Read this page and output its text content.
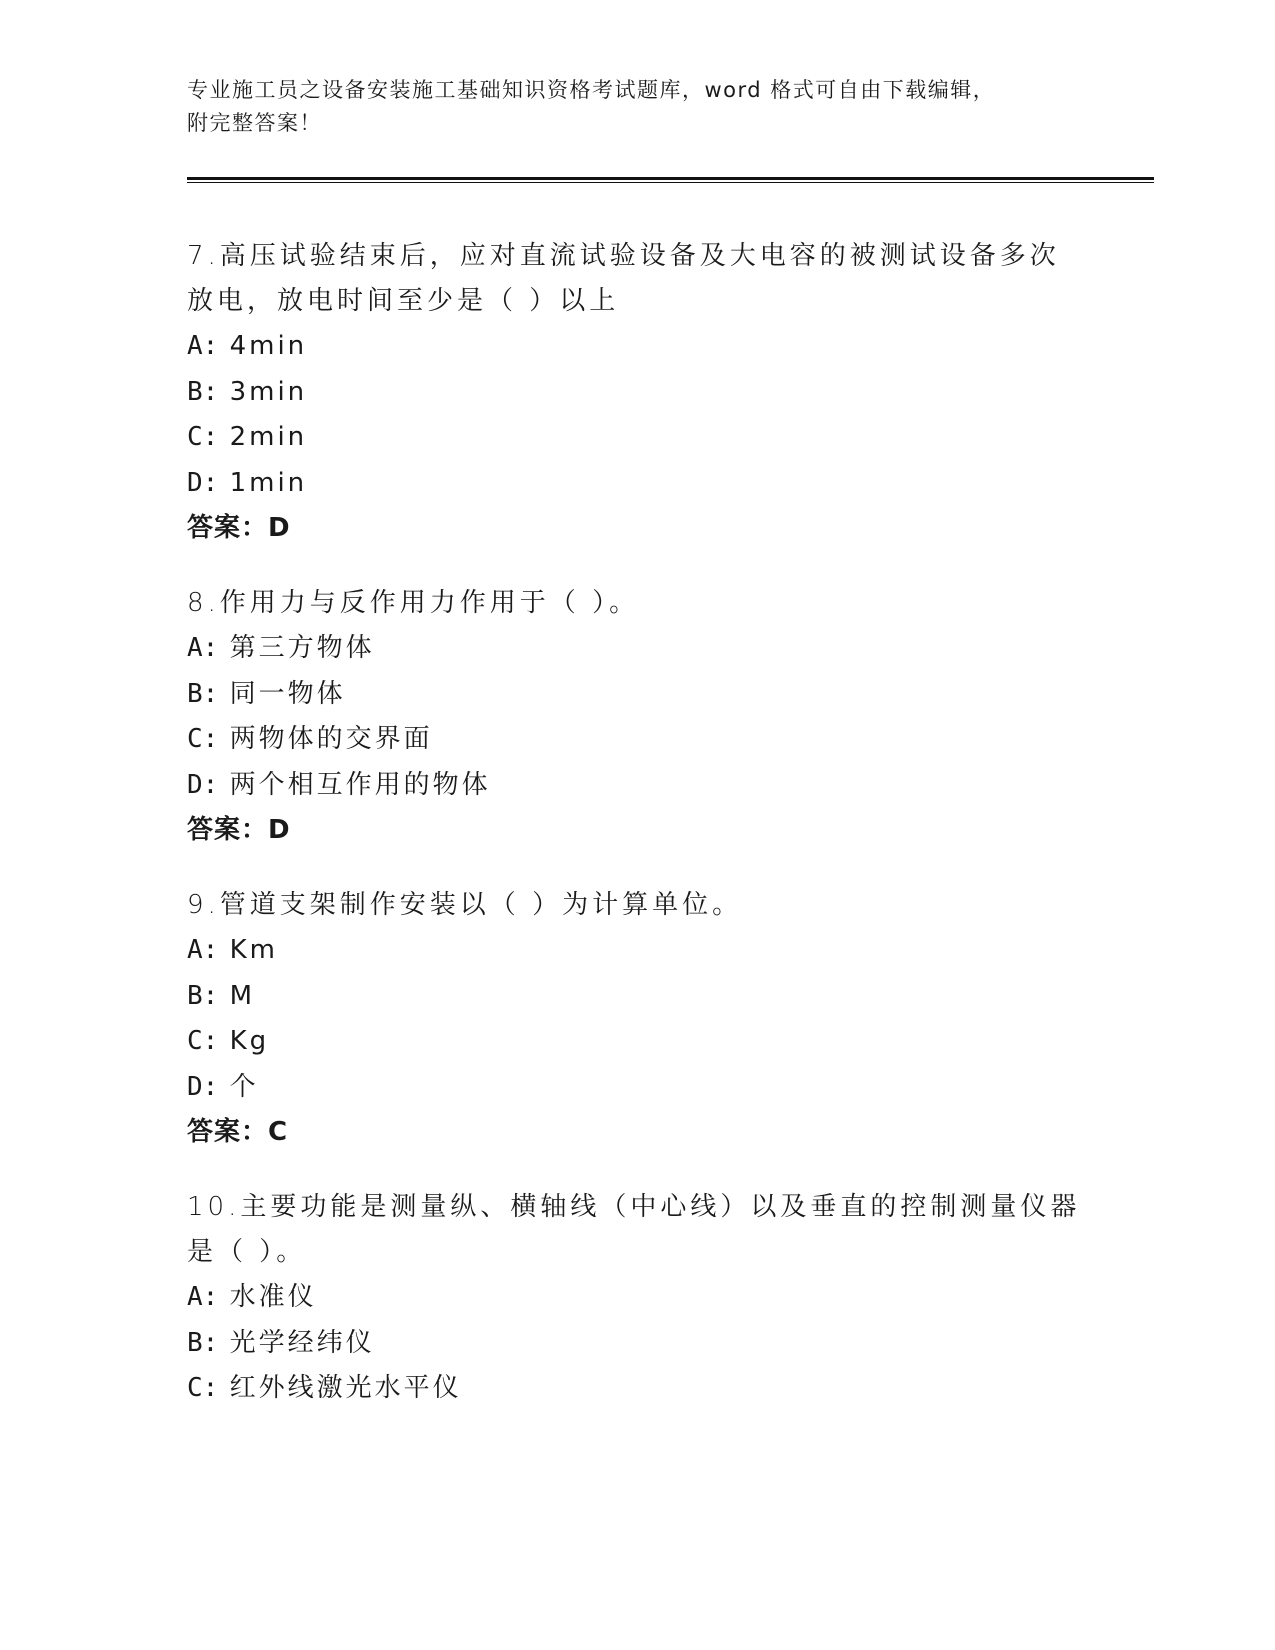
专业施工员之设备安装施工基础知识资格考试题库，word 格式可自由下载编辑，
附完整答案！
7.高压试验结束后，应对直流试验设备及大电容的被测试设备多次放电，放电时间至少是（ ）以上
A: 4min
B: 3min
C: 2min
D: 1min
答案：D
8.作用力与反作用力作用于（ ）。
A: 第三方物体
B: 同一物体
C: 两物体的交界面
D: 两个相互作用的物体
答案：D
9.管道支架制作安装以（ ）为计算单位。
A: Km
B: M
C: Kg
D: 个
答案：C
10.主要功能是测量纵、横轴线（中心线）以及垂直的控制测量仪器是（ ）。
A: 水准仪
B: 光学经纬仪
C: 红外线激光水平仪
